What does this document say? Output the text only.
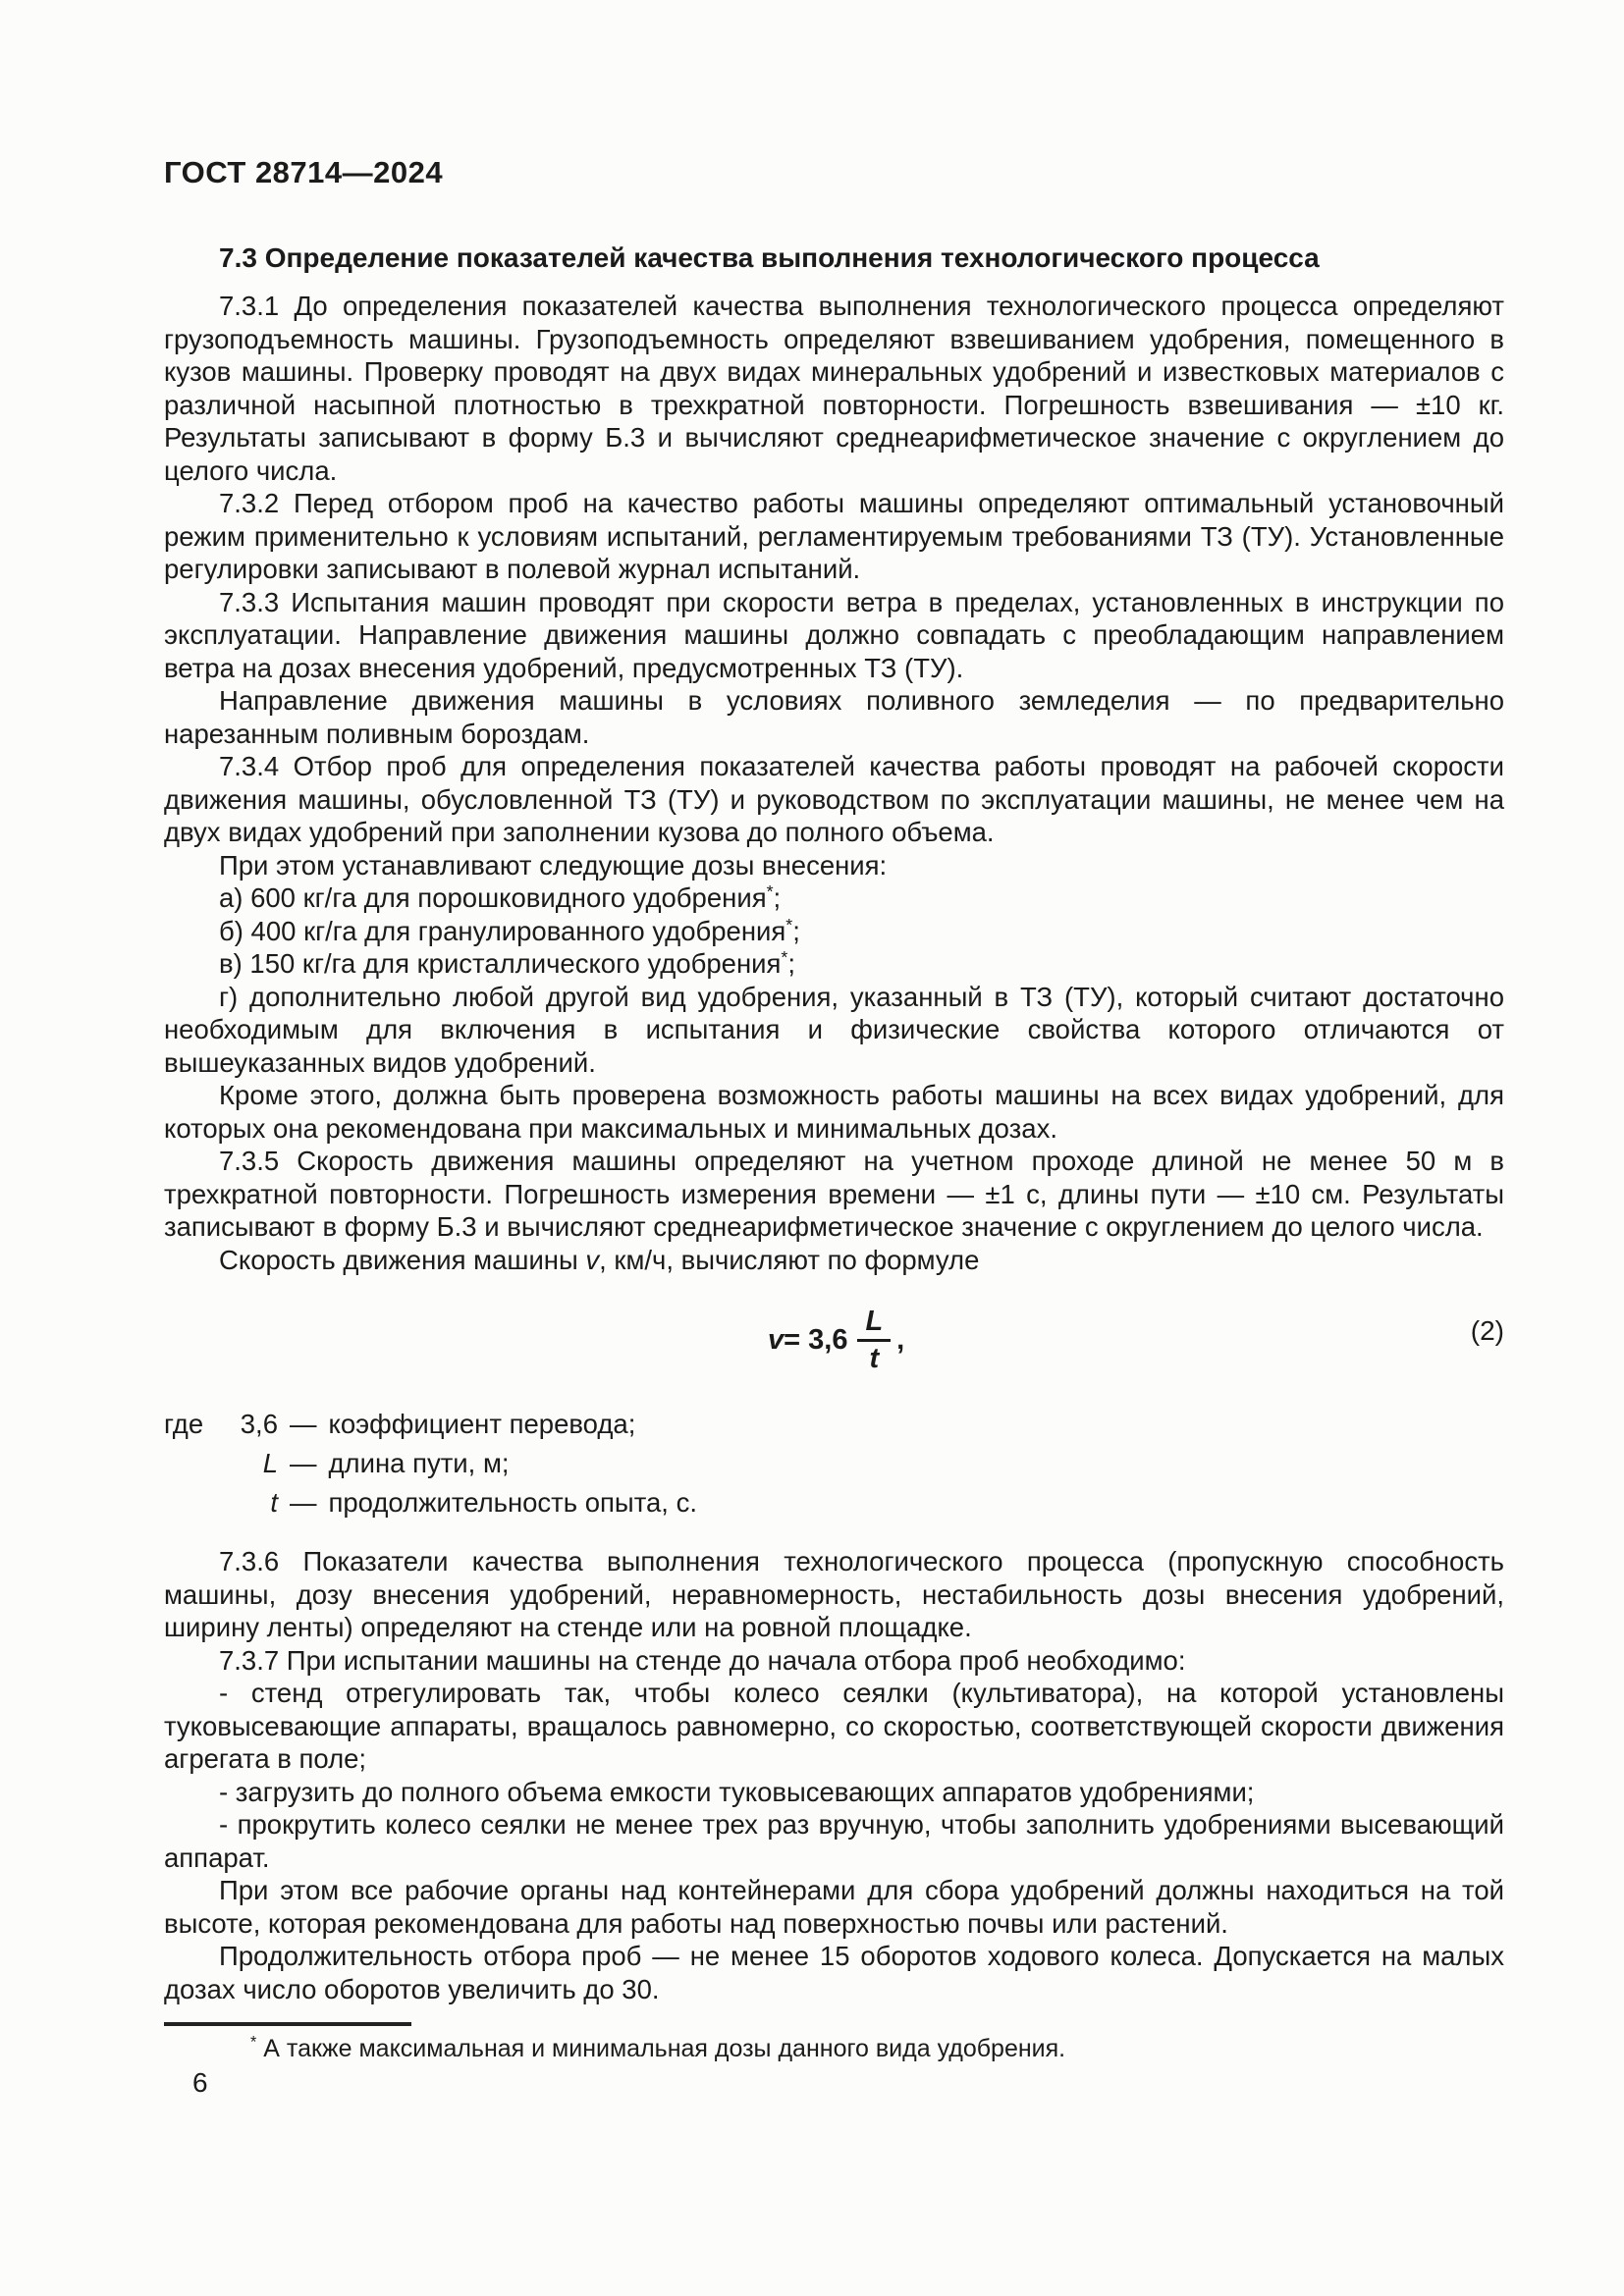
ГОСТ 28714—2024
7.3 Определение показателей качества выполнения технологического процесса

7.3.1 До определения показателей качества выполнения технологического процесса определяют грузоподъемность машины. Грузоподъемность определяют взвешиванием удобрения, помещенного в кузов машины. Проверку проводят на двух видах минеральных удобрений и известковых материалов с различной насыпной плотностью в трехкратной повторности. Погрешность взвешивания — ±10 кг. Результаты записывают в форму Б.3 и вычисляют среднеарифметическое значение с округлением до целого числа.

7.3.2 Перед отбором проб на качество работы машины определяют оптимальный установочный режим применительно к условиям испытаний, регламентируемым требованиями ТЗ (ТУ). Установленные регулировки записывают в полевой журнал испытаний.

7.3.3 Испытания машин проводят при скорости ветра в пределах, установленных в инструкции по эксплуатации. Направление движения машины должно совпадать с преобладающим направлением ветра на дозах внесения удобрений, предусмотренных ТЗ (ТУ).

Направление движения машины в условиях поливного земледелия — по предварительно нарезанным поливным бороздам.

7.3.4 Отбор проб для определения показателей качества работы проводят на рабочей скорости движения машины, обусловленной ТЗ (ТУ) и руководством по эксплуатации машины, не менее чем на двух видах удобрений при заполнении кузова до полного объема.

При этом устанавливают следующие дозы внесения:

а) 600 кг/га для порошковидного удобрения*;

б) 400 кг/га для гранулированного удобрения*;

в) 150 кг/га для кристаллического удобрения*;

г) дополнительно любой другой вид удобрения, указанный в ТЗ (ТУ), который считают достаточно необходимым для включения в испытания и физические свойства которого отличаются от вышеуказанных видов удобрений.

Кроме этого, должна быть проверена возможность работы машины на всех видах удобрений, для которых она рекомендована при максимальных и минимальных дозах.

7.3.5 Скорость движения машины определяют на учетном проходе длиной не менее 50 м в трехкратной повторности. Погрешность измерения времени — ±1 с, длины пути — ±10 см. Результаты записывают в форму Б.3 и вычисляют среднеарифметическое значение с округлением до целого числа.

Скорость движения машины v, км/ч, вычисляют по формуле

$v = 3,6 \frac{L}{t}$ ,	(2)
где	3,6 — коэффициент перевода;
L — длина пути, м;
t — продолжительность опыта, с.

7.3.6 Показатели качества выполнения технологического процесса (пропускную способность машины, дозу внесения удобрений, неравномерность, нестабильность дозы внесения удобрений, ширину ленты) определяют на стенде или на ровной площадке.

7.3.7 При испытании машины на стенде до начала отбора проб необходимо:

- стенд отрегулировать так, чтобы колесо сеялки (культиватора), на которой установлены туковысевающие аппараты, вращалось равномерно, со скоростью, соответствующей скорости движения агрегата в поле;

- загрузить до полного объема емкости туковысевающих аппаратов удобрениями;

- прокрутить колесо сеялки не менее трех раз вручную, чтобы заполнить удобрениями высевающий аппарат.

При этом все рабочие органы над контейнерами для сбора удобрений должны находиться на той высоте, которая рекомендована для работы над поверхностью почвы или растений.

Продолжительность отбора проб — не менее 15 оборотов ходового колеса. Допускается на малых дозах число оборотов увеличить до 30.

* А также максимальная и минимальная дозы данного вида удобрения.
6
